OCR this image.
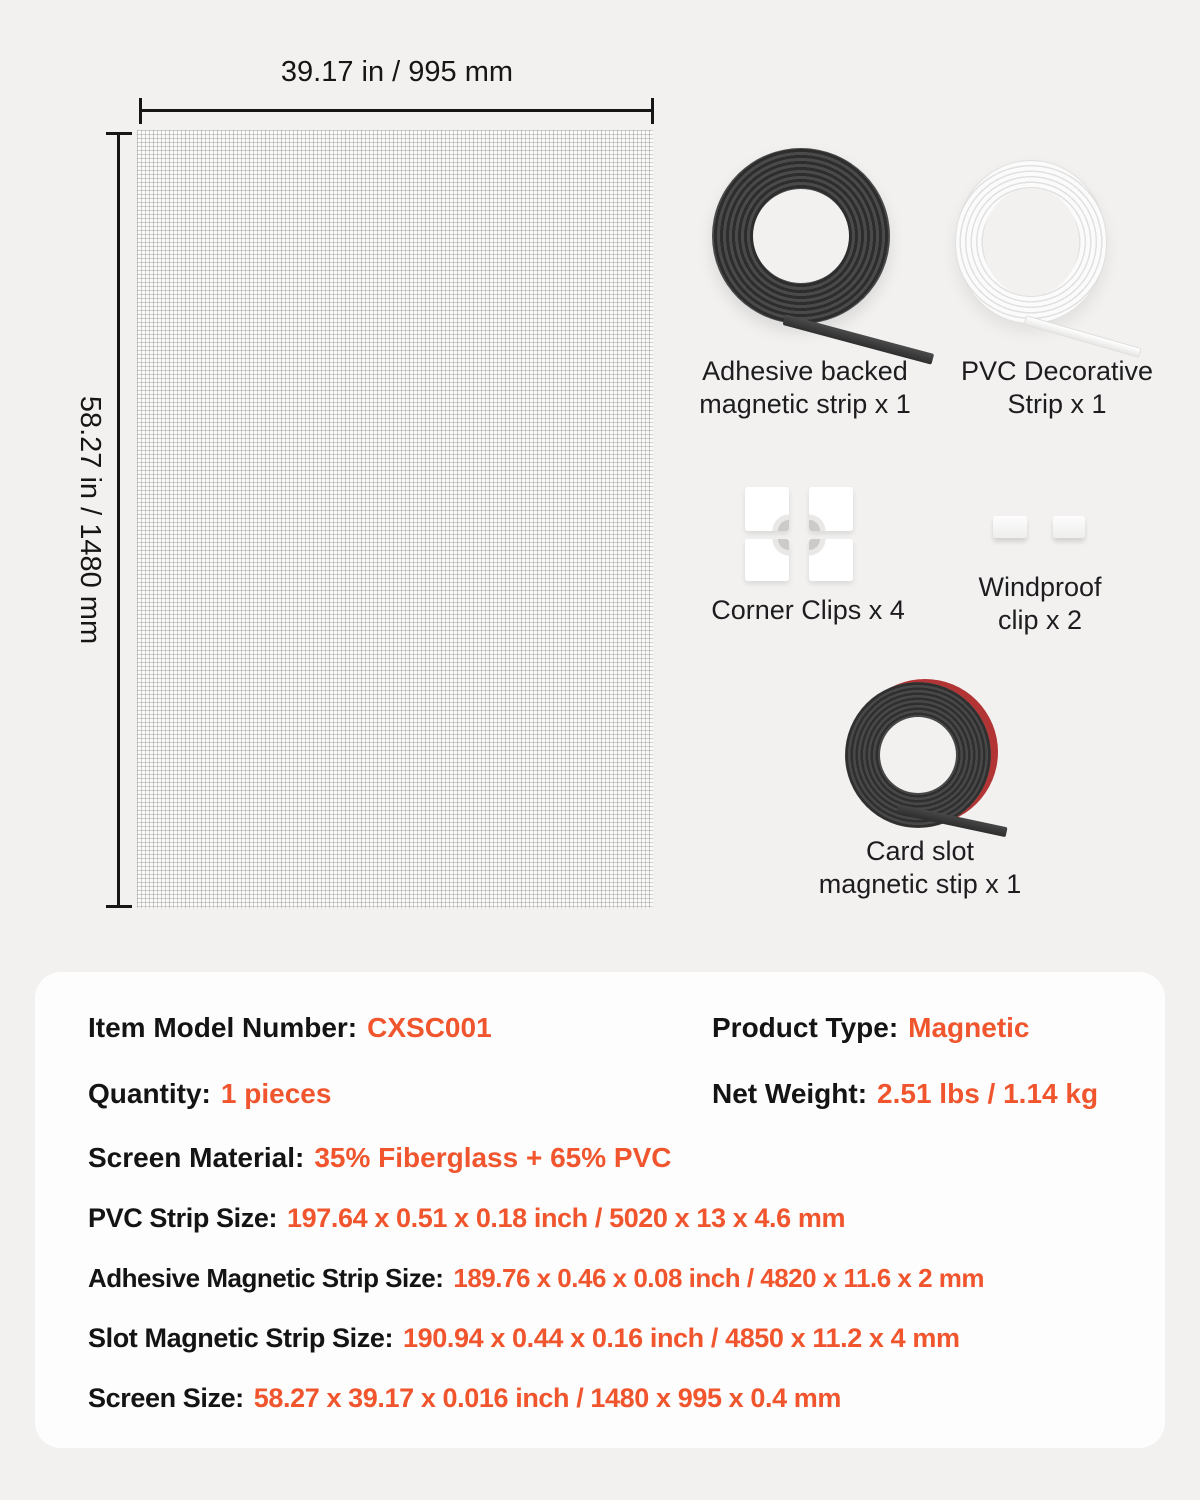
39.17 in / 995 mm
58.27 in / 1480 mm
Adhesive backed
magnetic strip x 1
PVC Decorative
Strip x 1
Corner Clips x 4
Windproof
clip x 2
Card slot
magnetic stip x 1
Item Model Number: CXSC001	Product Type: Magnetic
Quantity: 1 pieces	Net Weight: 2.51 lbs / 1.14 kg
Screen Material: 35% Fiberglass + 65% PVC
PVC Strip Size: 197.64 x 0.51 x 0.18 inch / 5020 x 13 x 4.6 mm
Adhesive Magnetic Strip Size: 189.76 x 0.46 x 0.08 inch / 4820 x 11.6 x 2 mm
Slot Magnetic Strip Size: 190.94 x 0.44 x 0.16 inch / 4850 x 11.2 x 4 mm
Screen Size: 58.27 x 39.17 x 0.016 inch / 1480 x 995 x 0.4 mm
